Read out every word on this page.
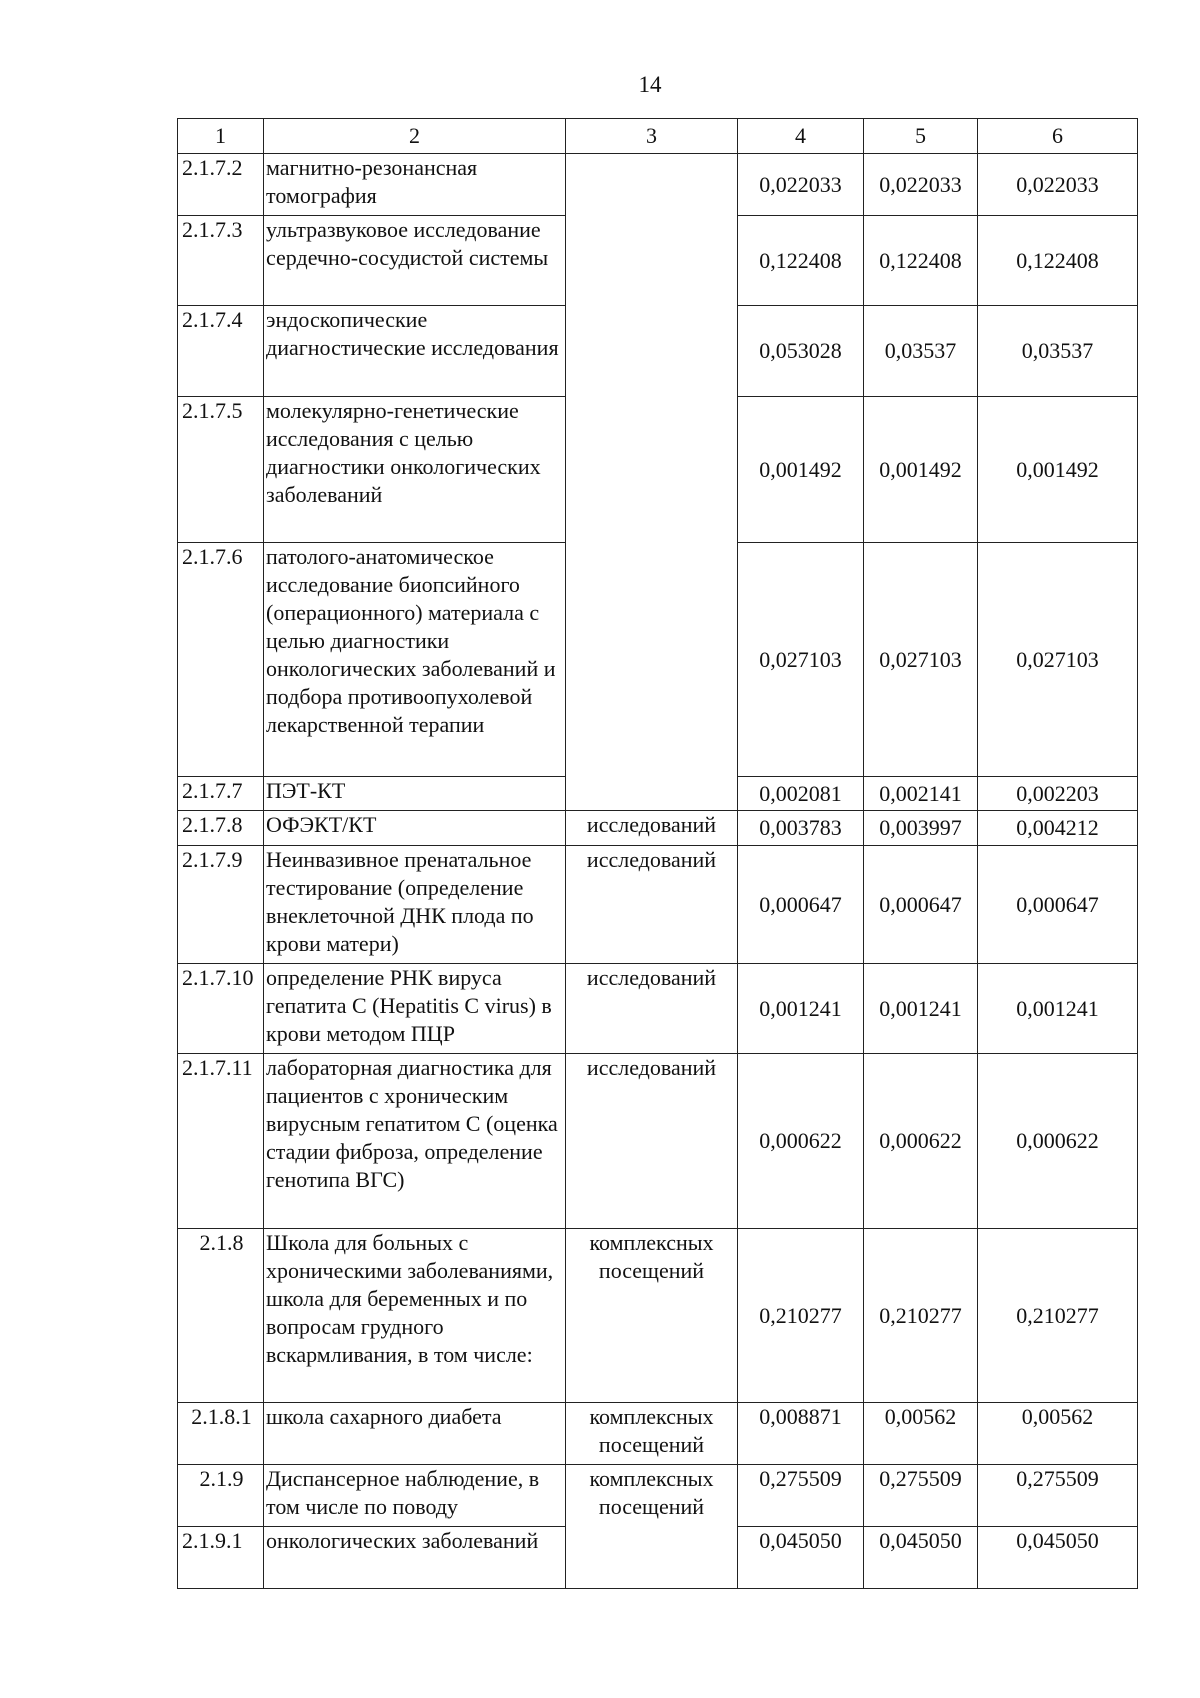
14
1	2	3	4	5	6
2.1.7.2	магнитно-резонансная томография		0,022033	0,022033	0,022033
2.1.7.3	ультразвуковое исследование сердечно-сосудистой системы		0,122408	0,122408	0,122408
2.1.7.4	эндоскопические диагностические исследования		0,053028	0,03537	0,03537
2.1.7.5	молекулярно-генетические исследования с целью диагностики онкологических заболеваний		0,001492	0,001492	0,001492
2.1.7.6	патолого-анатомическое исследование биопсийного (операционного) материала с целью диагностики онкологических заболеваний и подбора противоопухолевой лекарственной терапии		0,027103	0,027103	0,027103
2.1.7.7	ПЭТ-КТ		0,002081	0,002141	0,002203
2.1.7.8	ОФЭКТ/КТ	исследований	0,003783	0,003997	0,004212
2.1.7.9	Неинвазивное пренатальное тестирование (определение внеклеточной ДНК плода по крови матери)	исследований	0,000647	0,000647	0,000647
2.1.7.10	определение РНК вируса гепатита С (Hepatitis С virus) в крови методом ПЦР	исследований	0,001241	0,001241	0,001241
2.1.7.11	лабораторная диагностика для пациентов с хроническим вирусным гепатитом С (оценка стадии фиброза, определение генотипа ВГС)	исследований	0,000622	0,000622	0,000622
2.1.8	Школа для больных с хроническими заболеваниями, школа для беременных и по вопросам грудного вскармливания, в том числе:	комплексных посещений	0,210277	0,210277	0,210277
2.1.8.1	школа сахарного диабета	комплексных посещений	0,008871	0,00562	0,00562
2.1.9	Диспансерное наблюдение, в том числе по поводу	комплексных посещений	0,275509	0,275509	0,275509
2.1.9.1	онкологических заболеваний		0,045050	0,045050	0,045050
